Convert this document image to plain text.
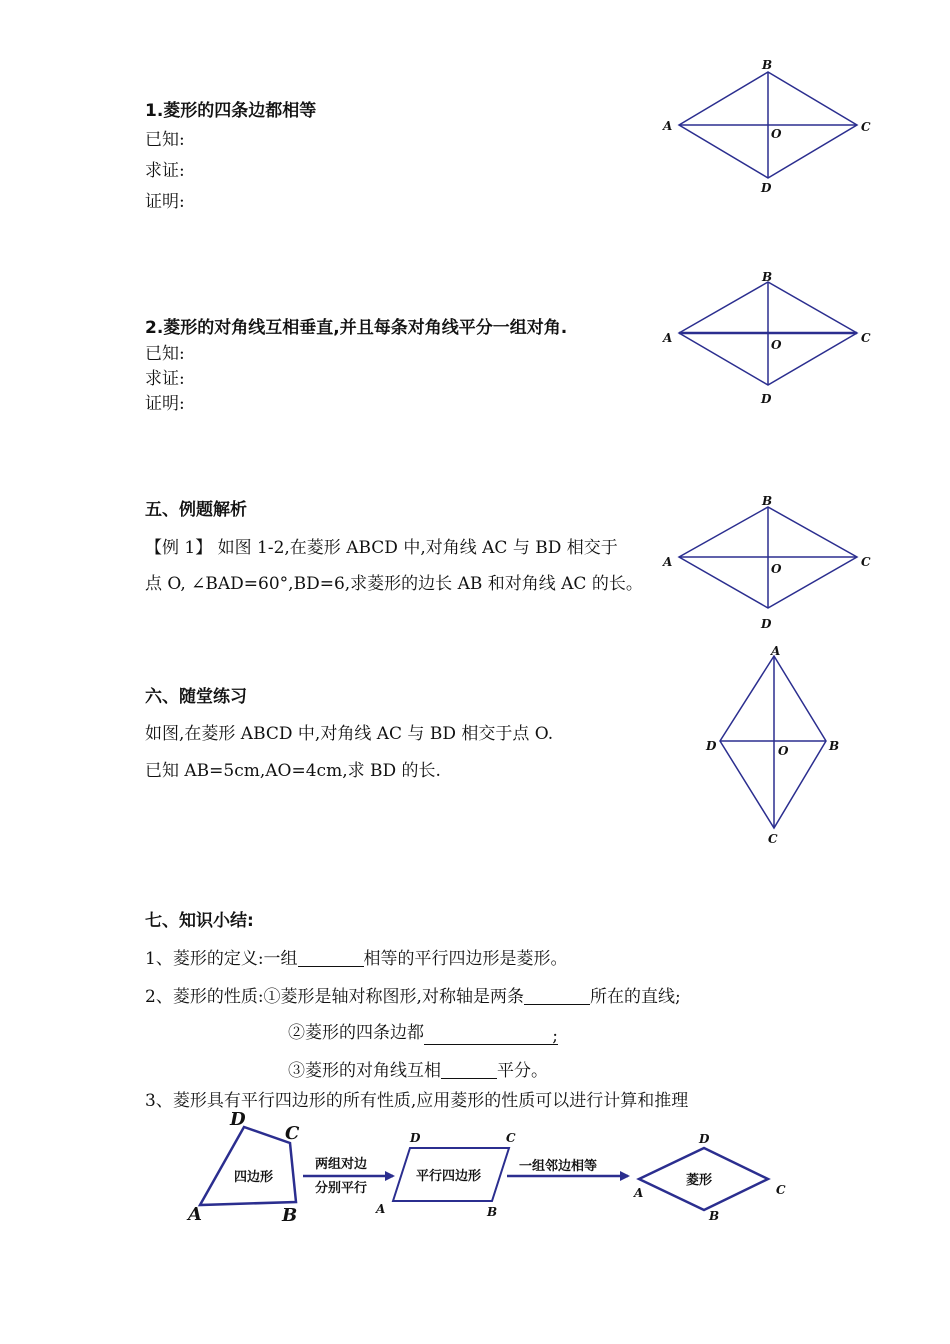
1.菱形的四条边都相等
已知:
求证:
证明:
2.菱形的对角线互相垂直,并且每条对角线平分一组对角.
已知:
求证:
证明:
五、例题解析
【例 1】 如图 1-2,在菱形 ABCD 中,对角线 AC 与 BD 相交于
点 O, ∠BAD=60°,BD=6,求菱形的边长 AB 和对角线 AC 的长。
六、随堂练习
如图,在菱形 ABCD 中,对角线 AC 与 BD 相交于点 O.
已知 AB=5cm,AO=4cm,求 BD 的长.
七、知识小结:
1、菱形的定义:一组	相等的平行四边形是菱形。
2、菱形的性质:①菱形是轴对称图形,对称轴是两条	所在的直线;
②菱形的四条边都	;
③菱形的对角线互相	平分。
3、菱形具有平行四边形的所有性质,应用菱形的性质可以进行计算和推理
B
A	C
O
D
B
A	C
O
D
B
A	C
O
D
A
D	B
O
C
四边形
D
C
A	B
两组对边
分别平行
平行四边形
D	C
A	B
一组邻边相等
菱形
D
A	C
B
